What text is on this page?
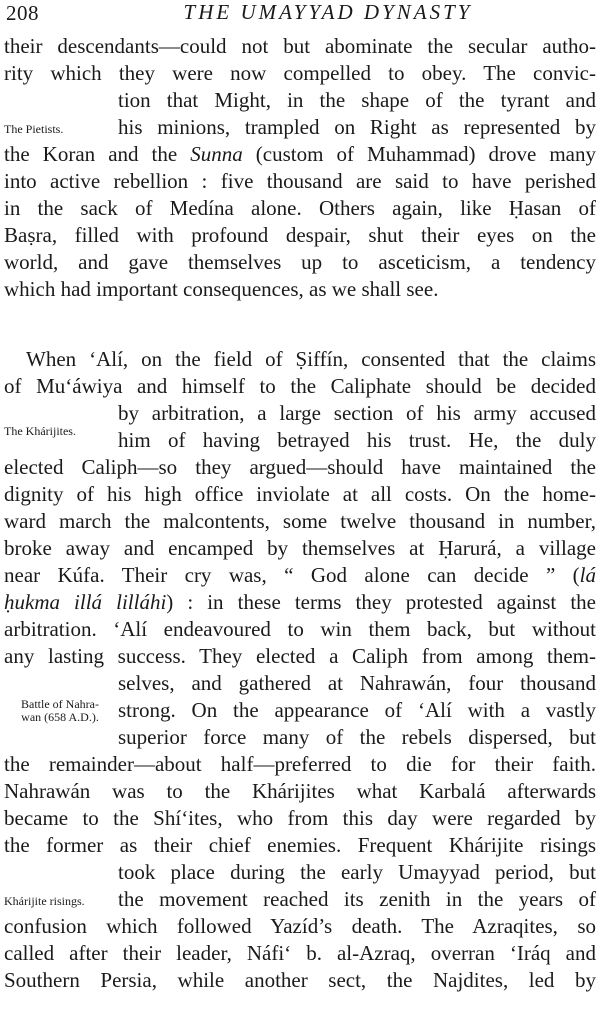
208	THE UMAYYAD DYNASTY
their descendants—could not but abominate the secular autho-
rity which they were now compelled to obey. The convic-
tion that Might, in the shape of the tyrant and
The Pietists.	his minions, trampled on Right as represented by
the Koran and the Sunna (custom of Muhammad) drove many
into active rebellion : five thousand are said to have perished
in the sack of Medína alone. Others again, like Ḥasan of
Baṣra, filled with profound despair, shut their eyes on the
world, and gave themselves up to asceticism, a tendency
which had important consequences, as we shall see.
When ‘Alí, on the field of Ṣiffín, consented that the claims
of Mu‘áwiya and himself to the Caliphate should be decided
by arbitration, a large section of his army accused
The Khárijites.	him of having betrayed his trust. He, the duly
elected Caliph—so they argued—should have maintained the
dignity of his high office inviolate at all costs. On the home-
ward march the malcontents, some twelve thousand in number,
broke away and encamped by themselves at Ḥarurá, a village
near Kúfa. Their cry was, “ God alone can decide ” (lá
ḥukma illá lilláhi) : in these terms they protested against the
arbitration. ‘Alí endeavoured to win them back, but without
any lasting success. They elected a Caliph from among them-
selves, and gathered at Nahrawán, four thousand
Battle of Nahra-
wan (658 A.D.). strong. On the appearance of ‘Alí with a vastly
superior force many of the rebels dispersed, but
the remainder—about half—preferred to die for their faith.
Nahrawán was to the Khárijites what Karbalá afterwards
became to the Shí‘ites, who from this day were regarded by
the former as their chief enemies. Frequent Khárijite risings
took place during the early Umayyad period, but
Khárijite risings.	the movement reached its zenith in the years of
confusion which followed Yazíd’s death. The Azraqites, so
called after their leader, Náfi‘ b. al-Azraq, overran ‘Iráq and
Southern Persia, while another sect, the Najdites, led by
